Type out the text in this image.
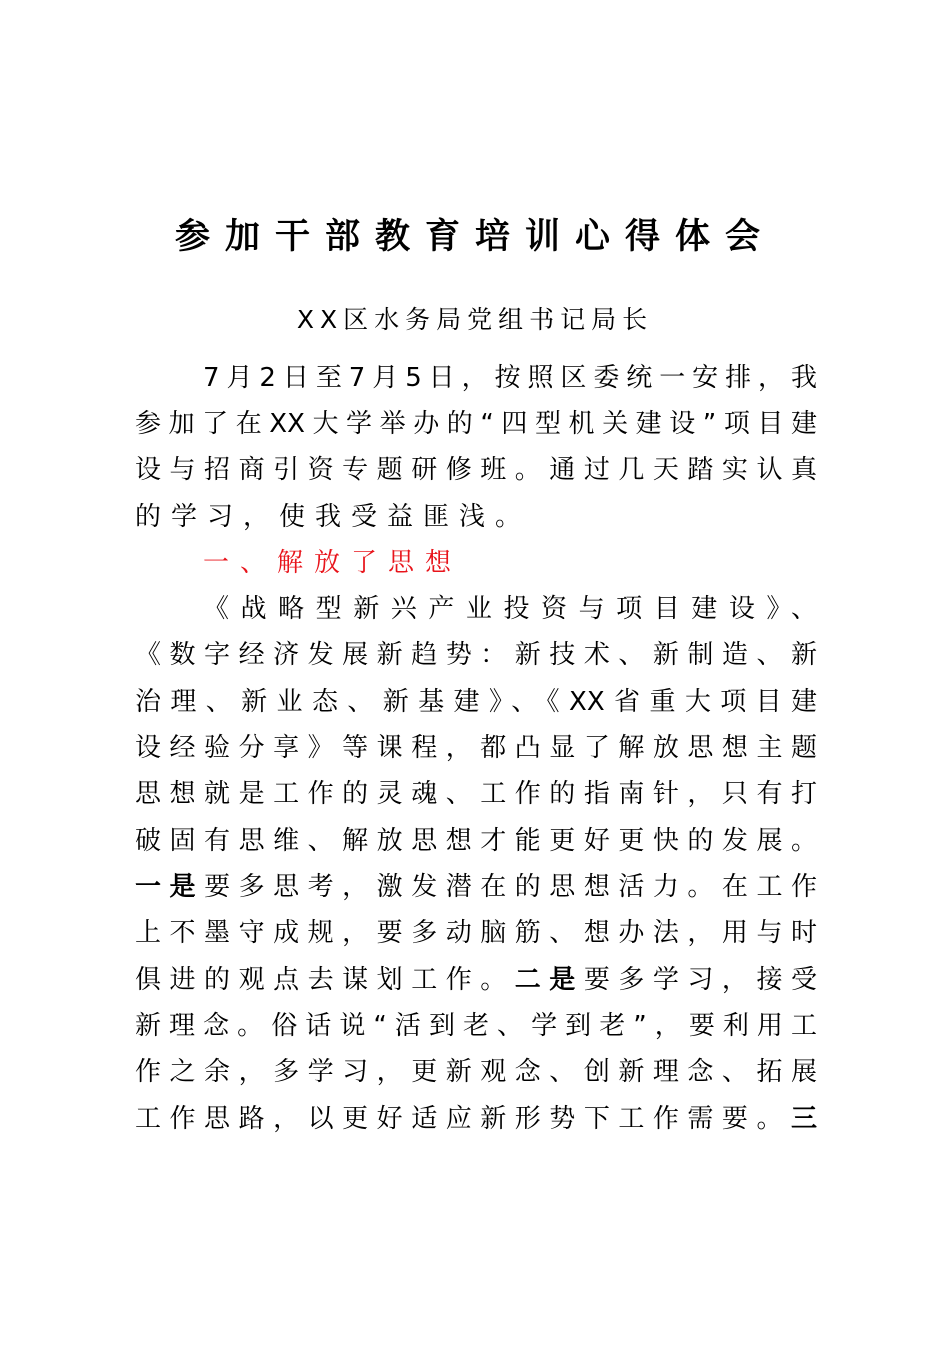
参加干部教育培训心得体会
XX区水务局党组书记局长
7月2日至7月5日，按照区委统一安排，我
参加了在XX大学举办的“四型机关建设”项目建
设与招商引资专题研修班。通过几天踏实认真
的学习，使我受益匪浅。
一、解放了思想
《战略型新兴产业投资与项目建设》、
《数字经济发展新趋势：新技术、新制造、新
治理、新业态、新基建》、《XX省重大项目建
设经验分享》等课程，都凸显了解放思想主题
思想就是工作的灵魂、工作的指南针，只有打
破固有思维、解放思想才能更好更快的发展。
一是要多思考，激发潜在的思想活力。在工作
上不墨守成规，要多动脑筋、想办法，用与时
俱进的观点去谋划工作。二是要多学习，接受
新理念。俗话说“活到老、学到老”，要利用工
作之余，多学习，更新观念、创新理念、拓展
工作思路，以更好适应新形势下工作需要。三
